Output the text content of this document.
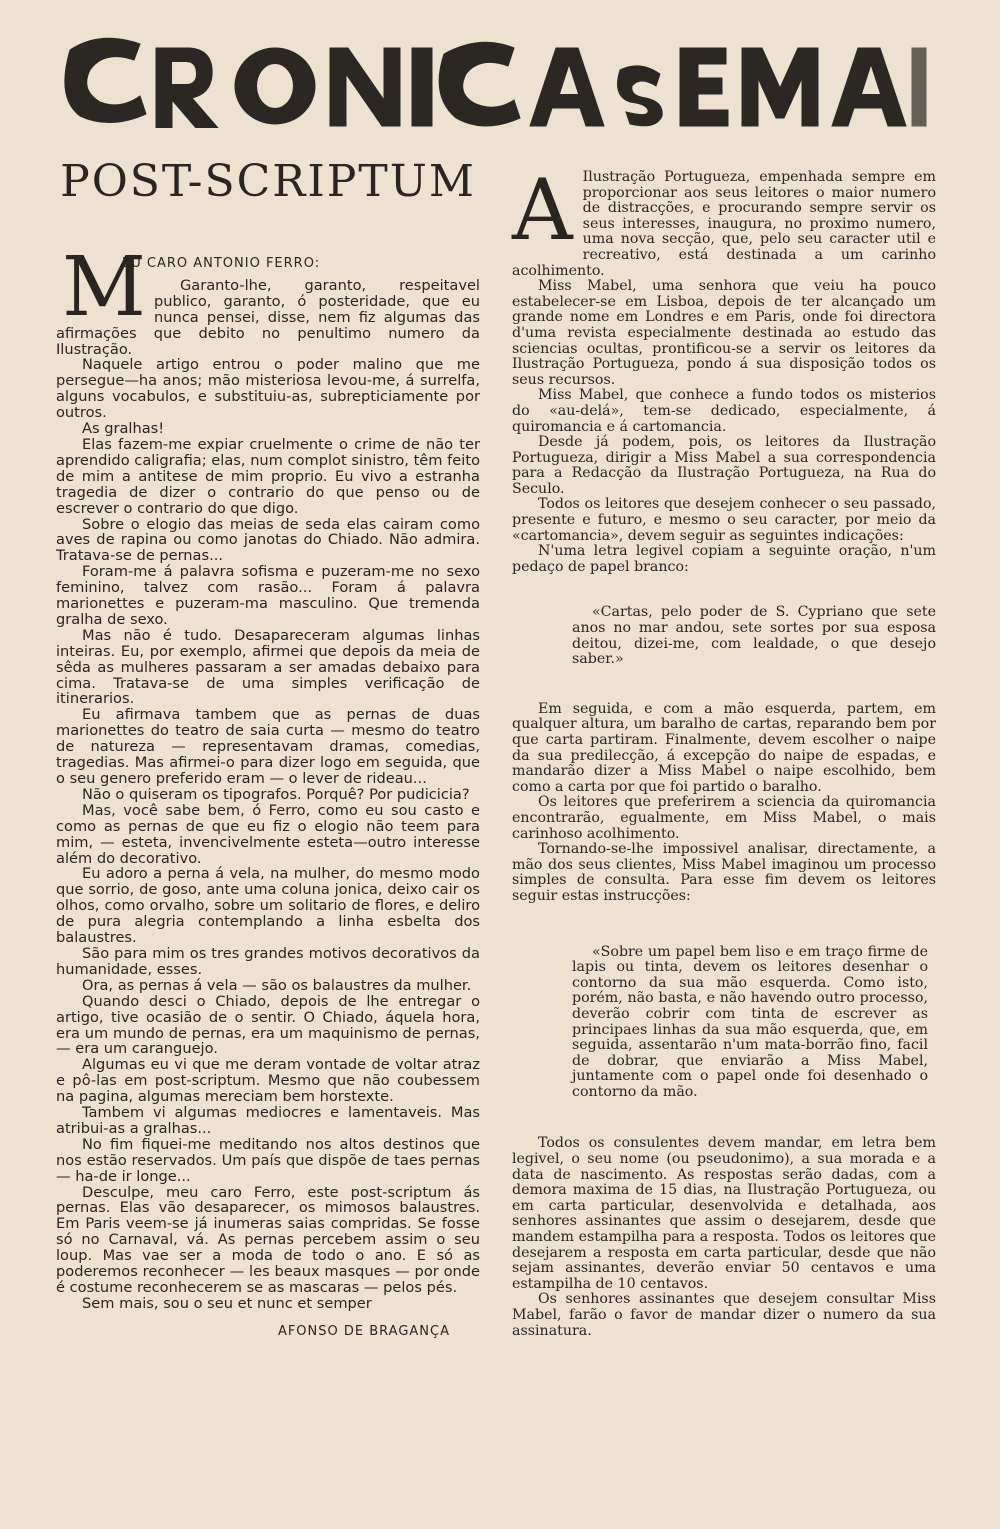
POST-SCRIPTUM
EU CARO ANTONIO FERRO:
M	Garanto-lhe, garanto, respeitavel publico, garanto, ó posteridade, que eu nunca pensei, disse, nem fiz algumas das afirmações que debito no penultimo numero da Ilustração.

Naquele artigo entrou o poder malino que me persegue—ha anos; mão misteriosa levou-me, á surrelfa, alguns vocabulos, e substituiu-as, subrepticiamente por outros.

As gralhas!

Elas fazem-me expiar cruelmente o crime de não ter aprendido caligrafia; elas, num complot sinistro, têm feito de mim a antitese de mim proprio. Eu vivo a estranha tragedia de dizer o contrario do que penso ou de escrever o contrario do que digo.

Sobre o elogio das meias de seda elas cairam como aves de rapina ou como janotas do Chiado. Não admira. Tratava-se de pernas...

Foram-me á palavra sofisma e puzeram-me no sexo feminino, talvez com rasão... Foram á palavra marionettes e puzeram-ma masculino. Que tremenda gralha de sexo.

Mas não é tudo. Desapareceram algumas linhas inteiras. Eu, por exemplo, afirmei que depois da meia de sêda as mulheres passaram a ser amadas debaixo para cima. Tratava-se de uma simples verificação de itinerarios.

Eu afirmava tambem que as pernas de duas marionettes do teatro de saia curta — mesmo do teatro de natureza — representavam dramas, comedias, tragedias. Mas afirmei-o para dizer logo em seguida, que o seu genero preferido eram — o lever de rideau...

Não o quiseram os tipografos. Porquê? Por pudicicia?

Mas, você sabe bem, ó Ferro, como eu sou casto e como as pernas de que eu fiz o elogio não teem para mim, — esteta, invencivelmente esteta—outro interesse além do decorativo.

Eu adoro a perna á vela, na mulher, do mesmo modo que sorrio, de goso, ante uma coluna jonica, deixo cair os olhos, como orvalho, sobre um solitario de flores, e deliro de pura alegria contemplando a linha esbelta dos balaustres.

São para mim os tres grandes motivos decorativos da humanidade, esses.

Ora, as pernas á vela — são os balaustres da mulher.

Quando desci o Chiado, depois de lhe entregar o artigo, tive ocasião de o sentir. O Chiado, áquela hora, era um mundo de pernas, era um maquinismo de pernas, — era um caranguejo.

Algumas eu vi que me deram vontade de voltar atraz e pô-las em post-scriptum. Mesmo que não coubessem na pagina, algumas mereciam bem horstexte.

Tambem vi algumas mediocres e lamentaveis. Mas atribui-as a gralhas...

No fim fiquei-me meditando nos altos destinos que nos estão reservados. Um país que dispõe de taes pernas — ha-de ir longe...

Desculpe, meu caro Ferro, este post-scriptum ás pernas. Elas vão desaparecer, os mimosos balaustres. Em Paris veem-se já inumeras saias compridas. Se fosse só no Carnaval, vá. As pernas percebem assim o seu loup. Mas vae ser a moda de todo o ano. E só as poderemos reconhecer — les beaux masques — por onde é costume reconhecerem se as mascaras — pelos pés.

Sem mais, sou o seu et nunc et semper

AFONSO DE BRAGANÇA
A Ilustração Portugueza, empenhada sempre em proporcionar aos seus leitores o maior numero de distracções, e procurando sempre servir os seus interesses, inaugura, no proximo numero, uma nova secção, que, pelo seu caracter util e recreativo, está destinada a um carinho acolhimento.

Miss Mabel, uma senhora que veiu ha pouco estabelecer-se em Lisboa, depois de ter alcançado um grande nome em Londres e em Paris, onde foi directora d'uma revista especialmente destinada ao estudo das sciencias ocultas, prontificou-se a servir os leitores da Ilustração Portugueza, pondo á sua disposição todos os seus recursos.

Miss Mabel, que conhece a fundo todos os misterios do «au-delá», tem-se dedicado, especialmente, á quiromancia e á cartomancia.

Desde já podem, pois, os leitores da Ilustração Portugueza, dirigir a Miss Mabel a sua correspondencia para a Redacção da Ilustração Portugueza, na Rua do Seculo.

Todos os leitores que desejem conhecer o seu passado, presente e futuro, e mesmo o seu caracter, por meio da «cartomancia», devem seguir as seguintes indicações:

N'uma letra legivel copiam a seguinte oração, n'um pedaço de papel branco:

«Cartas, pelo poder de S. Cypriano que sete anos no mar andou, sete sortes por sua esposa deitou, dizei-me, com lealdade, o que desejo saber.»

Em seguida, e com a mão esquerda, partem, em qualquer altura, um baralho de cartas, reparando bem por que carta partiram. Finalmente, devem escolher o naipe da sua predilecção, á excepção do naipe de espadas, e mandarão dizer a Miss Mabel o naipe escolhido, bem como a carta por que foi partido o baralho.

Os leitores que preferirem a sciencia da quiromancia encontrarão, egualmente, em Miss Mabel, o mais carinhoso acolhimento.

Tornando-se-lhe impossivel analisar, directamente, a mão dos seus clientes, Miss Mabel imaginou um processo simples de consulta. Para esse fim devem os leitores seguir estas instrucções:

«Sobre um papel bem liso e em traço firme de lapis ou tinta, devem os leitores desenhar o contorno da sua mão esquerda. Como isto, porém, não basta, e não havendo outro processo, deverão cobrir com tinta de escrever as principaes linhas da sua mão esquerda, que, em seguida, assentarão n'um mata-borrão fino, facil de dobrar, que enviarão a Miss Mabel, juntamente com o papel onde foi desenhado o contorno da mão.

Todos os consulentes devem mandar, em letra bem legivel, o seu nome (ou pseudonimo), a sua morada e a data de nascimento. As respostas serão dadas, com a demora maxima de 15 dias, na Ilustração Portugueza, ou em carta particular, desenvolvida e detalhada, aos senhores assinantes que assim o desejarem, desde que mandem estampilha para a resposta. Todos os leitores que desejarem a resposta em carta particular, desde que não sejam assinantes, deverão enviar 50 centavos e uma estampilha de 10 centavos.

Os senhores assinantes que desejem consultar Miss Mabel, farão o favor de mandar dizer o numero da sua assinatura.
